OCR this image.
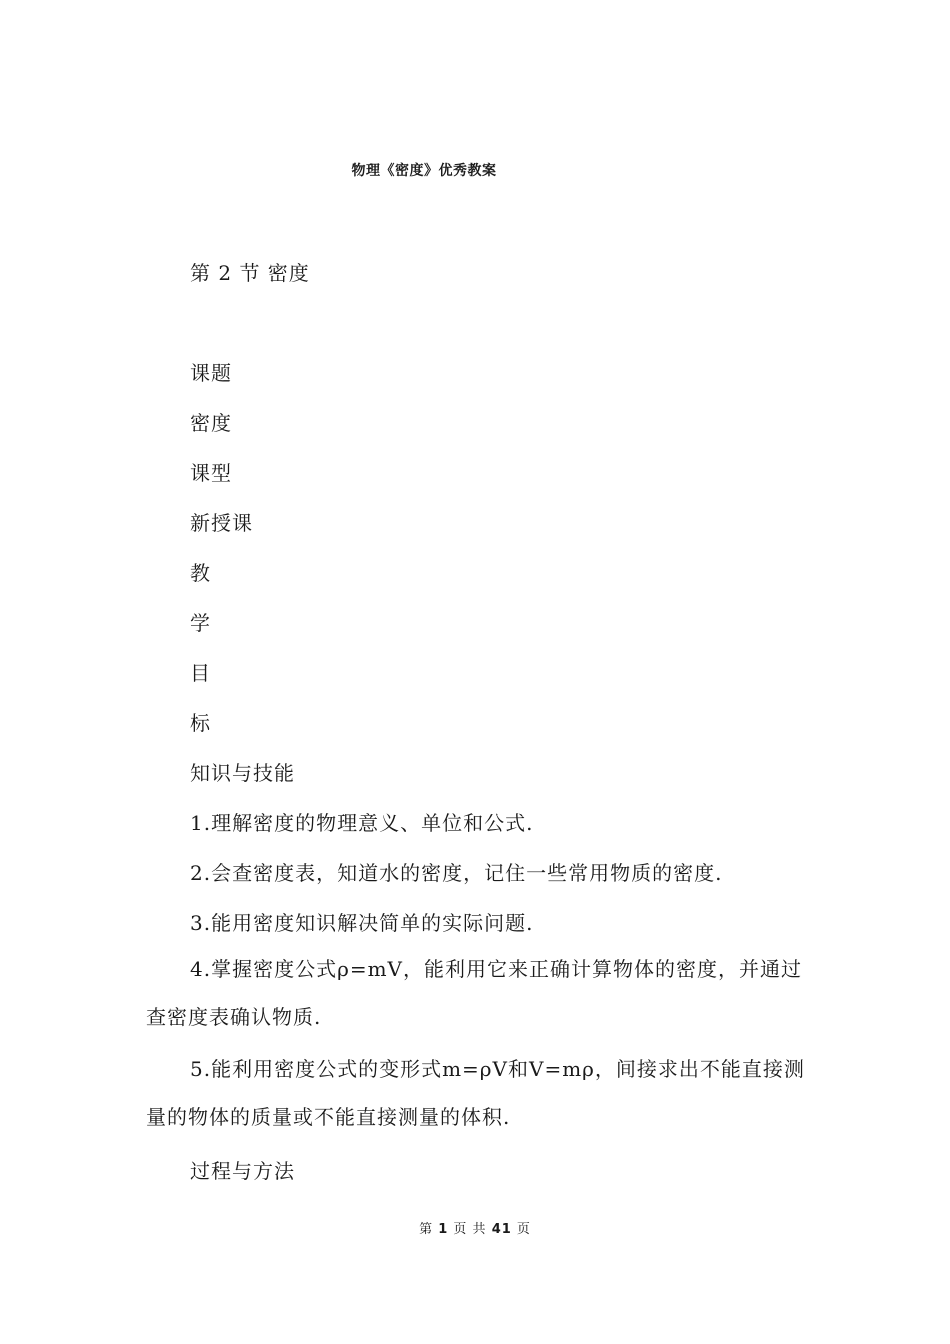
物理《密度》优秀教案
第 2 节 密度
课题
密度
课型
新授课
教
学
目
标
知识与技能
1.理解密度的物理意义、单位和公式.
2.会查密度表，知道水的密度，记住一些常用物质的密度.
3.能用密度知识解决简单的实际问题.
4.掌握密度公式ρ=mV，能利用它来正确计算物体的密度，并通过查密度表确认物质.
5.能利用密度公式的变形式m=ρV和V=mρ，间接求出不能直接测量的物体的质量或不能直接测量的体积.
过程与方法
第 1 页 共 41 页
